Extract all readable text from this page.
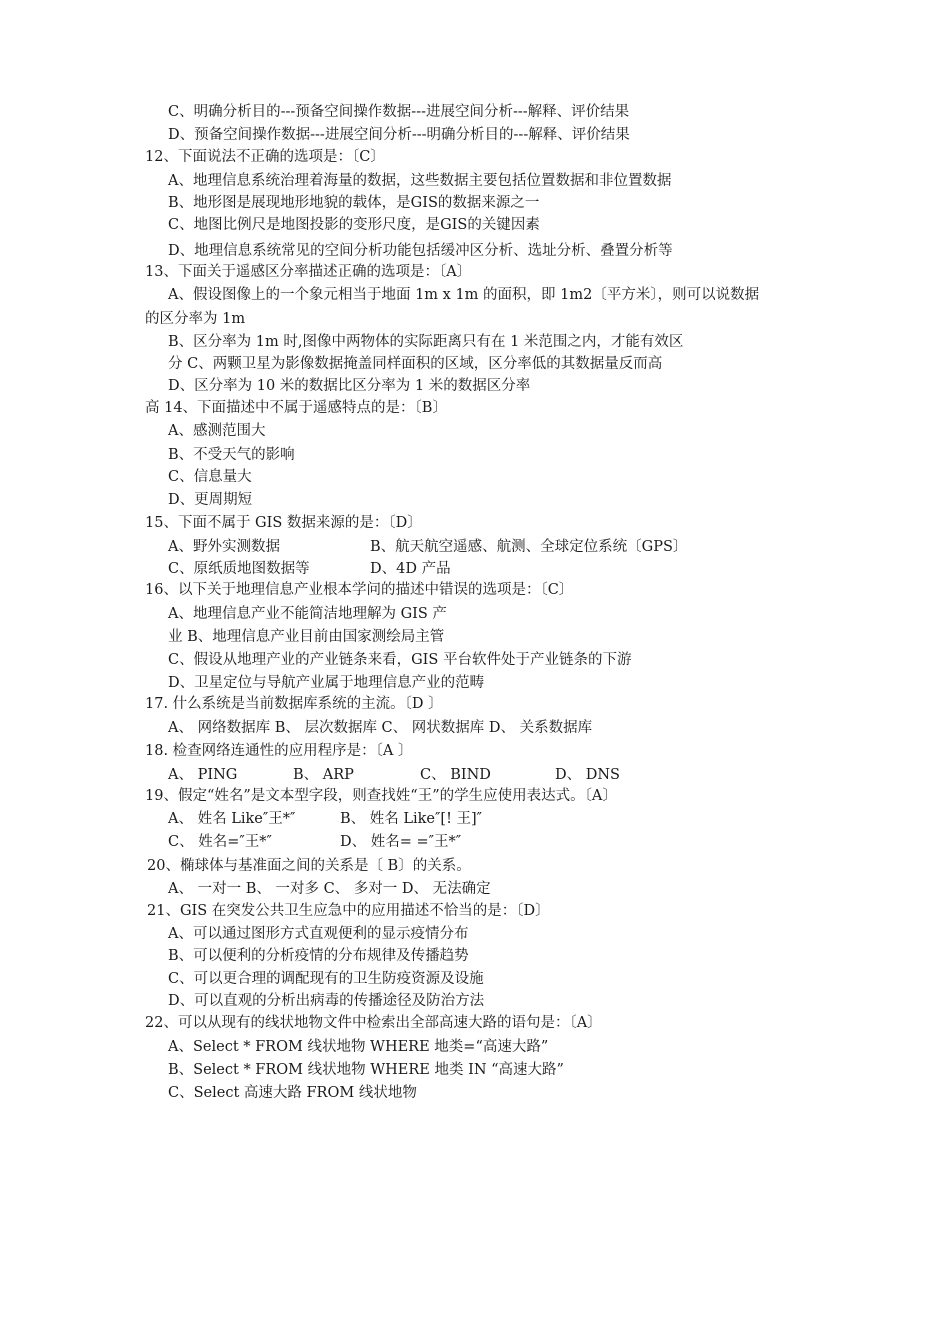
C、明确分析目的---预备空间操作数据---进展空间分析---解释、评价结果
D、预备空间操作数据---进展空间分析---明确分析目的---解释、评价结果
12、下面说法不正确的选项是：〔C〕
A、地理信息系统治理着海量的数据，这些数据主要包括位置数据和非位置数据
B、地形图是展现地形地貌的载体，是GIS的数据来源之一
C、地图比例尺是地图投影的变形尺度，是GIS的关键因素
D、地理信息系统常见的空间分析功能包括缓冲区分析、选址分析、叠置分析等
13、下面关于遥感区分率描述正确的选项是：〔A〕
A、假设图像上的一个象元相当于地面 1m x 1m 的面积，即 1m2〔平方米〕，则可以说数据
的区分率为 1m
B、区分率为 1m 时,图像中两物体的实际距离只有在 1 米范围之内，才能有效区
分 C、两颗卫星为影像数据掩盖同样面积的区域，区分率低的其数据量反而高
D、区分率为 10 米的数据比区分率为 1 米的数据区分率
高 14、下面描述中不属于遥感特点的是：〔B〕
A、感测范围大
B、不受天气的影响
C、信息量大
D、更周期短
15、下面不属于 GIS 数据来源的是：〔D〕
A、野外实测数据	B、航天航空遥感、航测、全球定位系统〔GPS〕
C、原纸质地图数据等	D、4D 产品
16、以下关于地理信息产业根本学问的描述中错误的选项是：〔C〕
A、地理信息产业不能简洁地理解为 GIS 产
业 B、地理信息产业目前由国家测绘局主管
C、假设从地理产业的产业链条来看，GIS 平台软件处于产业链条的下游
D、卫星定位与导航产业属于地理信息产业的范畴
17. 什么系统是当前数据库系统的主流。〔D 〕
A、 网络数据库 B、 层次数据库 C、 网状数据库 D、 关系数据库
18. 检查网络连通性的应用程序是：〔A 〕
A、 PING	B、 ARP	C、 BIND	D、 DNS
19、假定“姓名”是文本型字段，则查找姓“王”的学生应使用表达式。〔A〕
A、 姓名 Like″王*″	B、 姓名 Like″[! 王]″
C、 姓名=″王*″	D、 姓名= =″王*″
20、椭球体与基准面之间的关系是〔 B〕的关系。
A、 一对一 B、 一对多 C、 多对一 D、 无法确定
21、GIS 在突发公共卫生应急中的应用描述不恰当的是：〔D〕
A、可以通过图形方式直观便利的显示疫情分布
B、可以便利的分析疫情的分布规律及传播趋势
C、可以更合理的调配现有的卫生防疫资源及设施
D、可以直观的分析出病毒的传播途径及防治方法
22、可以从现有的线状地物文件中检索出全部高速大路的语句是：〔A〕
A、Select * FROM 线状地物 WHERE 地类=“高速大路”
B、Select * FROM 线状地物 WHERE 地类 IN “高速大路”
C、Select 高速大路 FROM 线状地物
